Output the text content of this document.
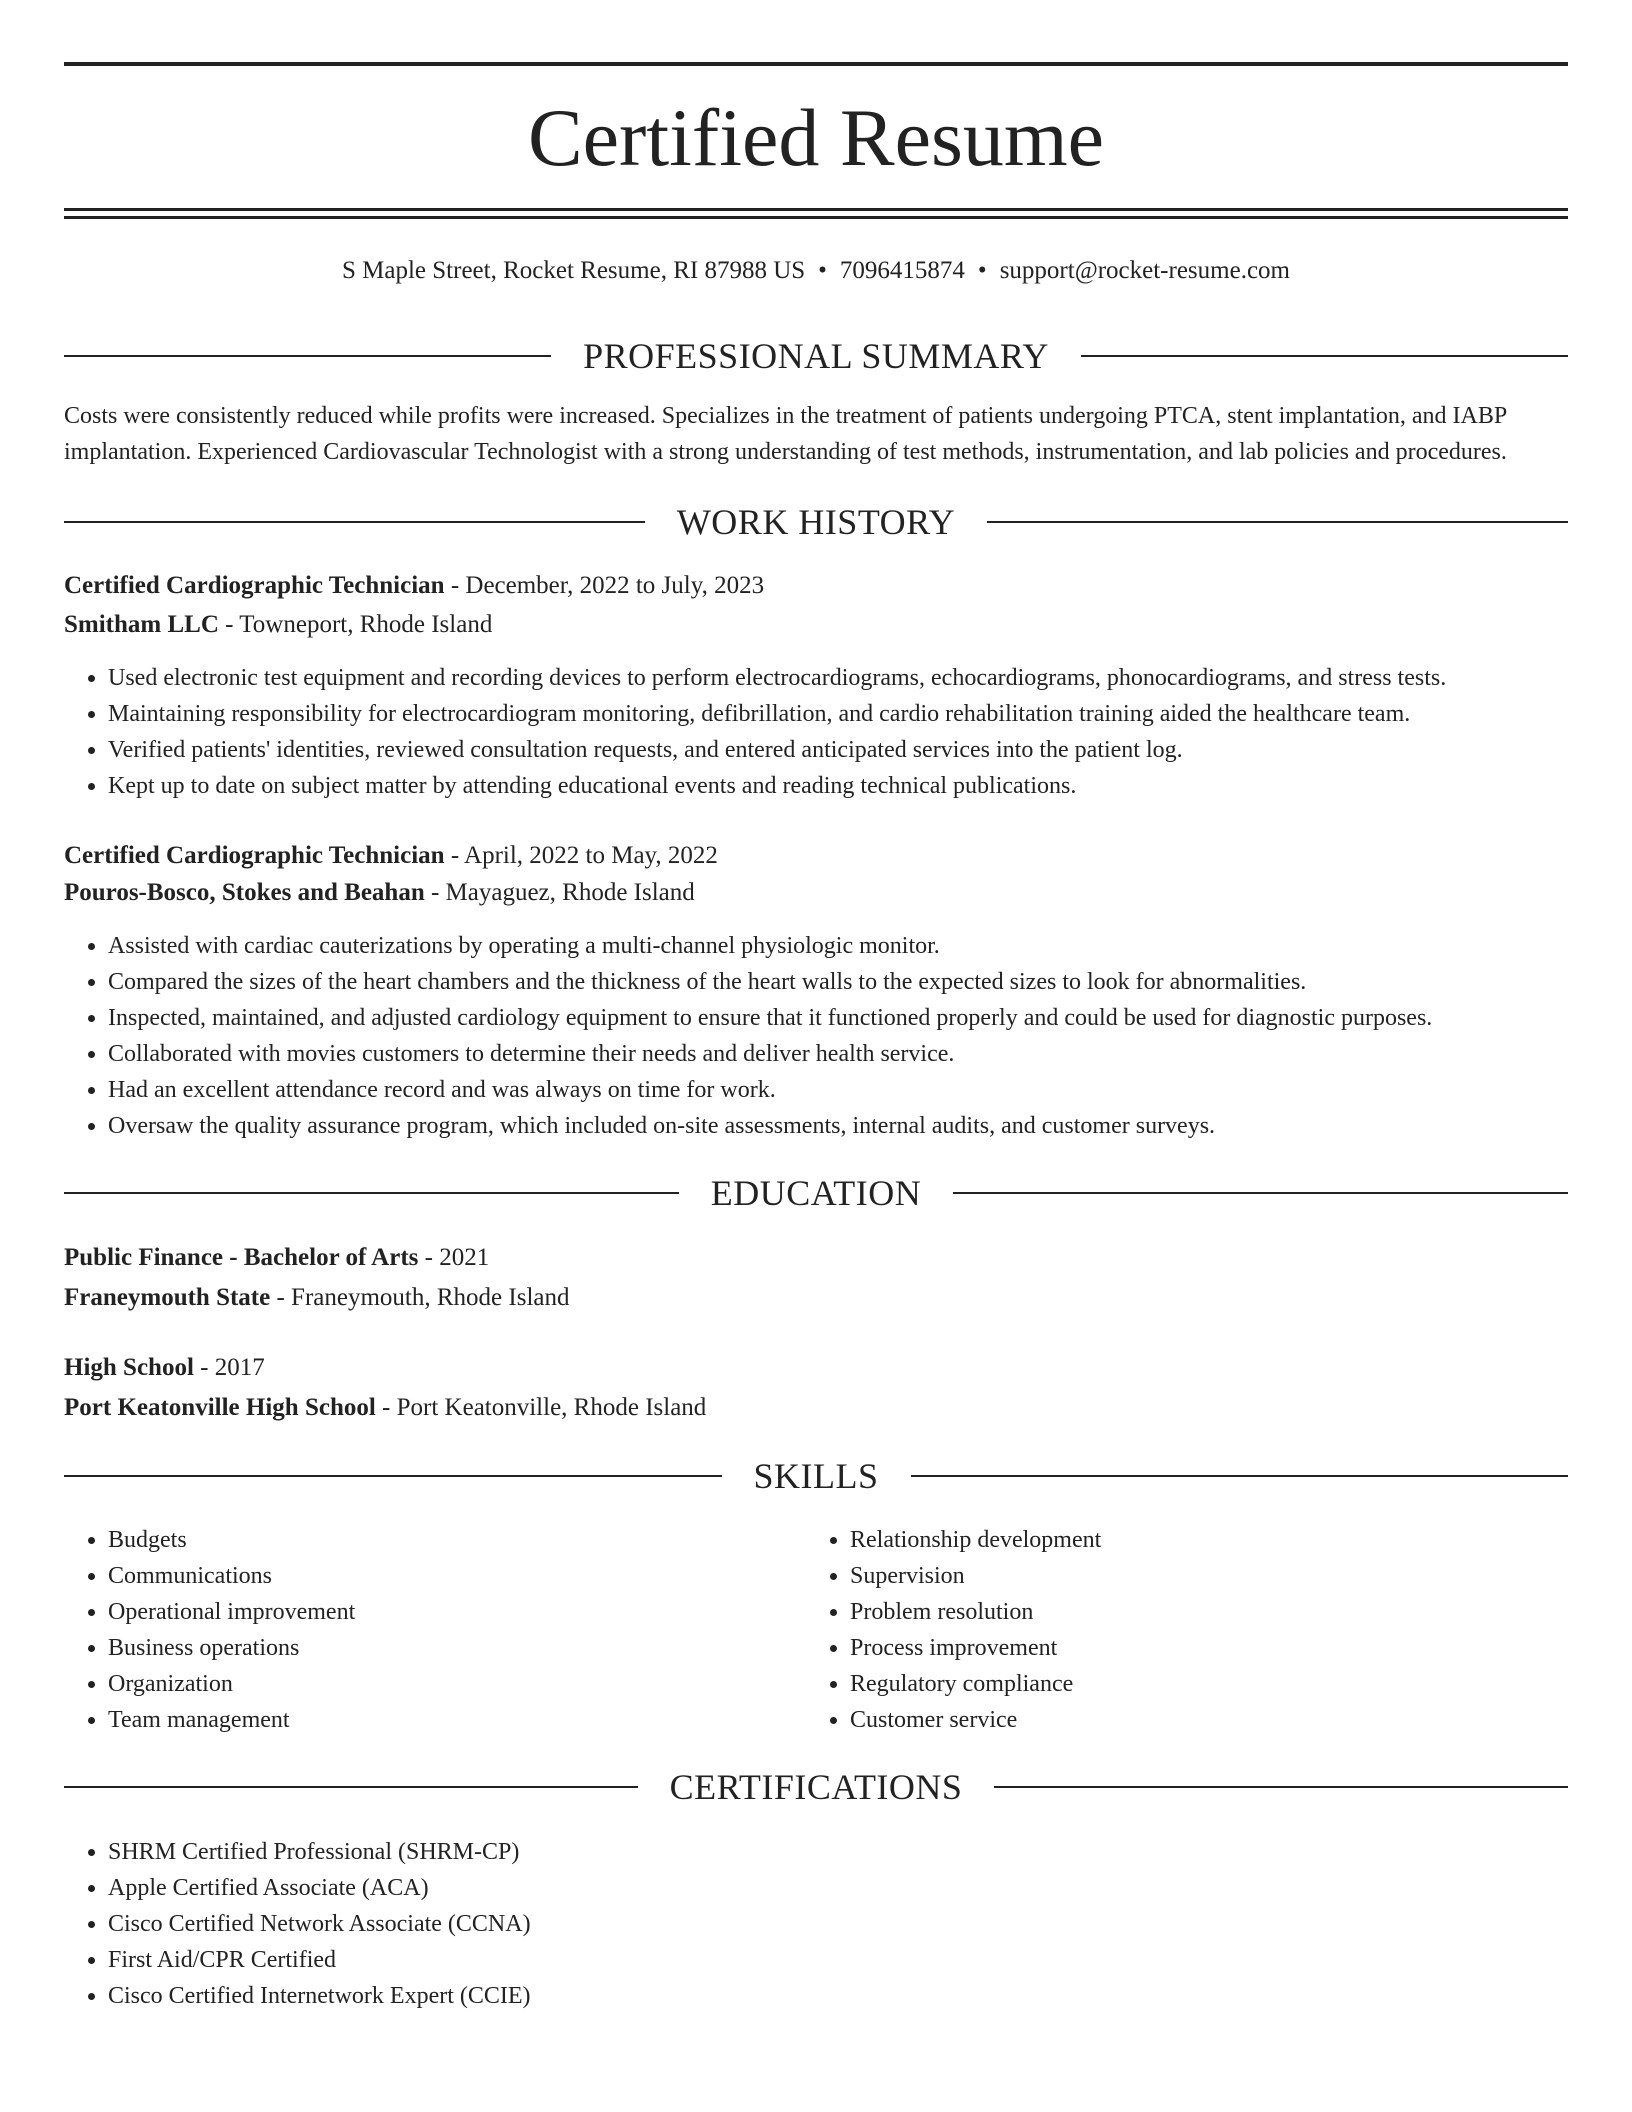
Certified Resume
S Maple Street, Rocket Resume, RI 87988 US • 7096415874 • support@rocket-resume.com
PROFESSIONAL SUMMARY

Costs were consistently reduced while profits were increased. Specializes in the treatment of patients undergoing PTCA, stent implantation, and IABP implantation. Experienced Cardiovascular Technologist with a strong understanding of test methods, instrumentation, and lab policies and procedures.

WORK HISTORY
Certified Cardiographic Technician - December, 2022 to July, 2023
Smitham LLC - Towneport, Rhode Island
• Used electronic test equipment and recording devices to perform electrocardiograms, echocardiograms, phonocardiograms, and stress tests.
• Maintaining responsibility for electrocardiogram monitoring, defibrillation, and cardio rehabilitation training aided the healthcare team.
• Verified patients' identities, reviewed consultation requests, and entered anticipated services into the patient log.
• Kept up to date on subject matter by attending educational events and reading technical publications.
Certified Cardiographic Technician - April, 2022 to May, 2022
Pouros-Bosco, Stokes and Beahan - Mayaguez, Rhode Island
• Assisted with cardiac cauterizations by operating a multi-channel physiologic monitor.
• Compared the sizes of the heart chambers and the thickness of the heart walls to the expected sizes to look for abnormalities.
• Inspected, maintained, and adjusted cardiology equipment to ensure that it functioned properly and could be used for diagnostic purposes.
• Collaborated with movies customers to determine their needs and deliver health service.
• Had an excellent attendance record and was always on time for work.
• Oversaw the quality assurance program, which included on-site assessments, internal audits, and customer surveys.
EDUCATION
Public Finance - Bachelor of Arts - 2021
Franeymouth State - Franeymouth, Rhode Island
High School - 2017
Port Keatonville High School - Port Keatonville, Rhode Island
SKILLS
• Budgets
• Communications
• Operational improvement
• Business operations
• Organization
• Team management
• Relationship development
• Supervision
• Problem resolution
• Process improvement
• Regulatory compliance
• Customer service
CERTIFICATIONS
• SHRM Certified Professional (SHRM-CP)
• Apple Certified Associate (ACA)
• Cisco Certified Network Associate (CCNA)
• First Aid/CPR Certified
• Cisco Certified Internetwork Expert (CCIE)
